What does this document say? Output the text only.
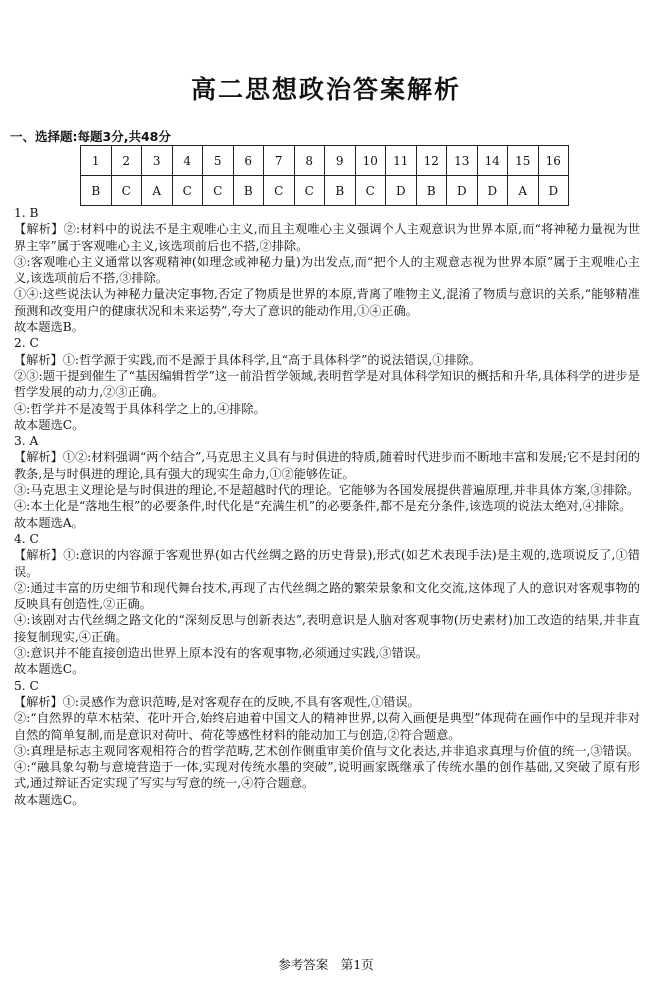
高二思想政治答案解析
一、选择题:每题3分,共48分
1	2	3	4	5	6	7	8	9	10	11	12	13	14	15	16
B	C	A	C	C	B	C	C	B	C	D	B	D	D	A	D
1. B
【解析】②:材料中的说法不是主观唯心主义,而且主观唯心主义强调个人主观意识为世界本原,而“将神秘力量视为世界主宰”属于客观唯心主义,该选项前后也不搭,②排除。
③:客观唯心主义通常以客观精神(如理念或神秘力量)为出发点,而“把个人的主观意志视为世界本原”属于主观唯心主义,该选项前后不搭,③排除。
①④:这些说法认为神秘力量决定事物,否定了物质是世界的本原,背离了唯物主义,混淆了物质与意识的关系,“能够精准预测和改变用户的健康状况和未来运势”,夸大了意识的能动作用,①④正确。
故本题选B。
2. C
【解析】①:哲学源于实践,而不是源于具体科学,且“高于具体科学”的说法错误,①排除。
②③:题干提到催生了“基因编辑哲学”这一前沿哲学领域,表明哲学是对具体科学知识的概括和升华,具体科学的进步是哲学发展的动力,②③正确。
④:哲学并不是凌驾于具体科学之上的,④排除。
故本题选C。
3. A
【解析】①②:材料强调“两个结合”,马克思主义具有与时俱进的特质,随着时代进步而不断地丰富和发展;它不是封闭的教条,是与时俱进的理论,具有强大的现实生命力,①②能够佐证。
③:马克思主义理论是与时俱进的理论,不是超越时代的理论。它能够为各国发展提供普遍原理,并非具体方案,③排除。
④:本土化是“落地生根”的必要条件,时代化是“充满生机”的必要条件,都不是充分条件,该选项的说法太绝对,④排除。
故本题选A。
4. C
【解析】①:意识的内容源于客观世界(如古代丝绸之路的历史背景),形式(如艺术表现手法)是主观的,选项说反了,①错误。
②:通过丰富的历史细节和现代舞台技术,再现了古代丝绸之路的繁荣景象和文化交流,这体现了人的意识对客观事物的反映具有创造性,②正确。
④:该剧对古代丝绸之路文化的“深刻反思与创新表达”,表明意识是人脑对客观事物(历史素材)加工改造的结果,并非直接复制现实,④正确。
③:意识并不能直接创造出世界上原本没有的客观事物,必须通过实践,③错误。
故本题选C。
5. C
【解析】①:灵感作为意识范畴,是对客观存在的反映,不具有客观性,①错误。
②:“自然界的草木枯荣、花叶开合,始终启迪着中国文人的精神世界,以荷入画便是典型”体现荷在画作中的呈现并非对自然的简单复制,而是意识对荷叶、荷花等感性材料的能动加工与创造,②符合题意。
③:真理是标志主观同客观相符合的哲学范畴,艺术创作侧重审美价值与文化表达,并非追求真理与价值的统一,③错误。
④:“融具象勾勒与意境营造于一体,实现对传统水墨的突破”,说明画家既继承了传统水墨的创作基础,又突破了原有形式,通过辩证否定实现了写实与写意的统一,④符合题意。
故本题选C。
参考答案　第1页
